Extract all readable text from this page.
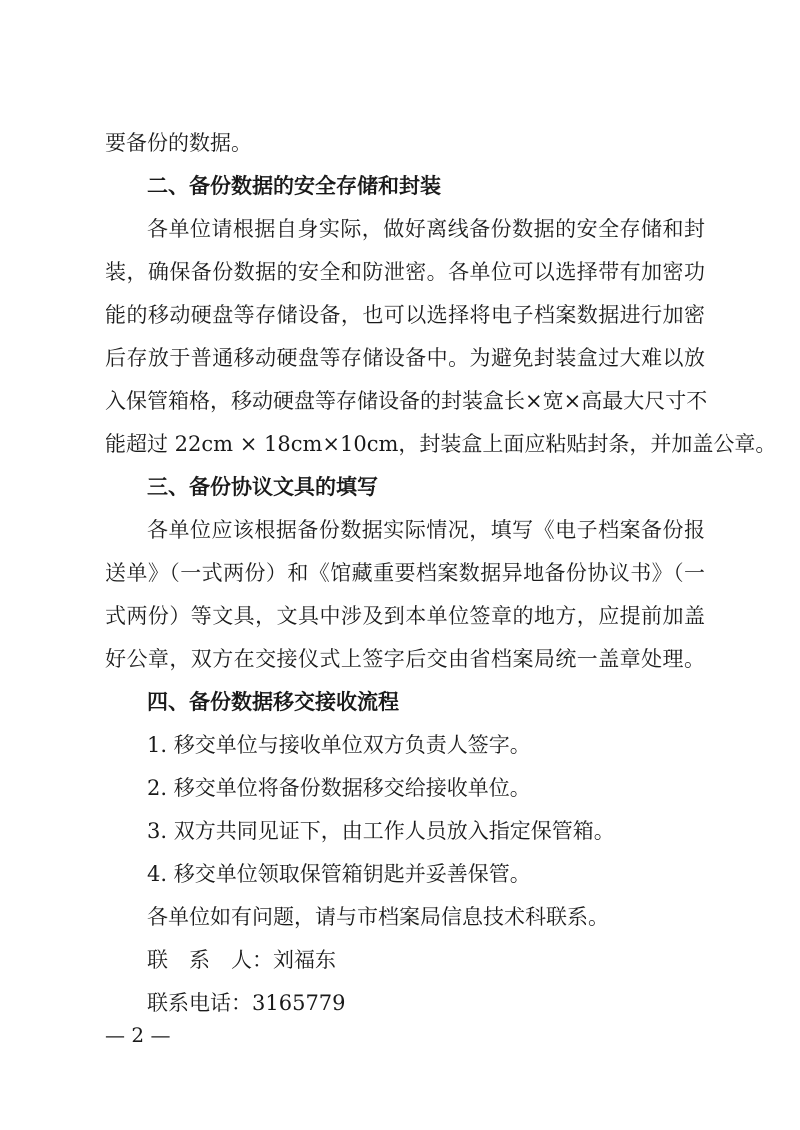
要备份的数据。
二、备份数据的安全存储和封装
各单位请根据自身实际，做好离线备份数据的安全存储和封
装，确保备份数据的安全和防泄密。各单位可以选择带有加密功
能的移动硬盘等存储设备，也可以选择将电子档案数据进行加密
后存放于普通移动硬盘等存储设备中。为避免封装盒过大难以放
入保管箱格，移动硬盘等存储设备的封装盒长×宽×高最大尺寸不
能超过 22cm × 18cm×10cm，封装盒上面应粘贴封条，并加盖公章。
三、备份协议文具的填写
各单位应该根据备份数据实际情况，填写《电子档案备份报
送单》（一式两份）和《馆藏重要档案数据异地备份协议书》（一
式两份）等文具，文具中涉及到本单位签章的地方，应提前加盖
好公章，双方在交接仪式上签字后交由省档案局统一盖章处理。
四、备份数据移交接收流程
1. 移交单位与接收单位双方负责人签字。
2. 移交单位将备份数据移交给接收单位。
3. 双方共同见证下，由工作人员放入指定保管箱。
4. 移交单位领取保管箱钥匙并妥善保管。
各单位如有问题，请与市档案局信息技术科联系。
联　系　人：刘福东
联系电话：3165779
— 2 —
